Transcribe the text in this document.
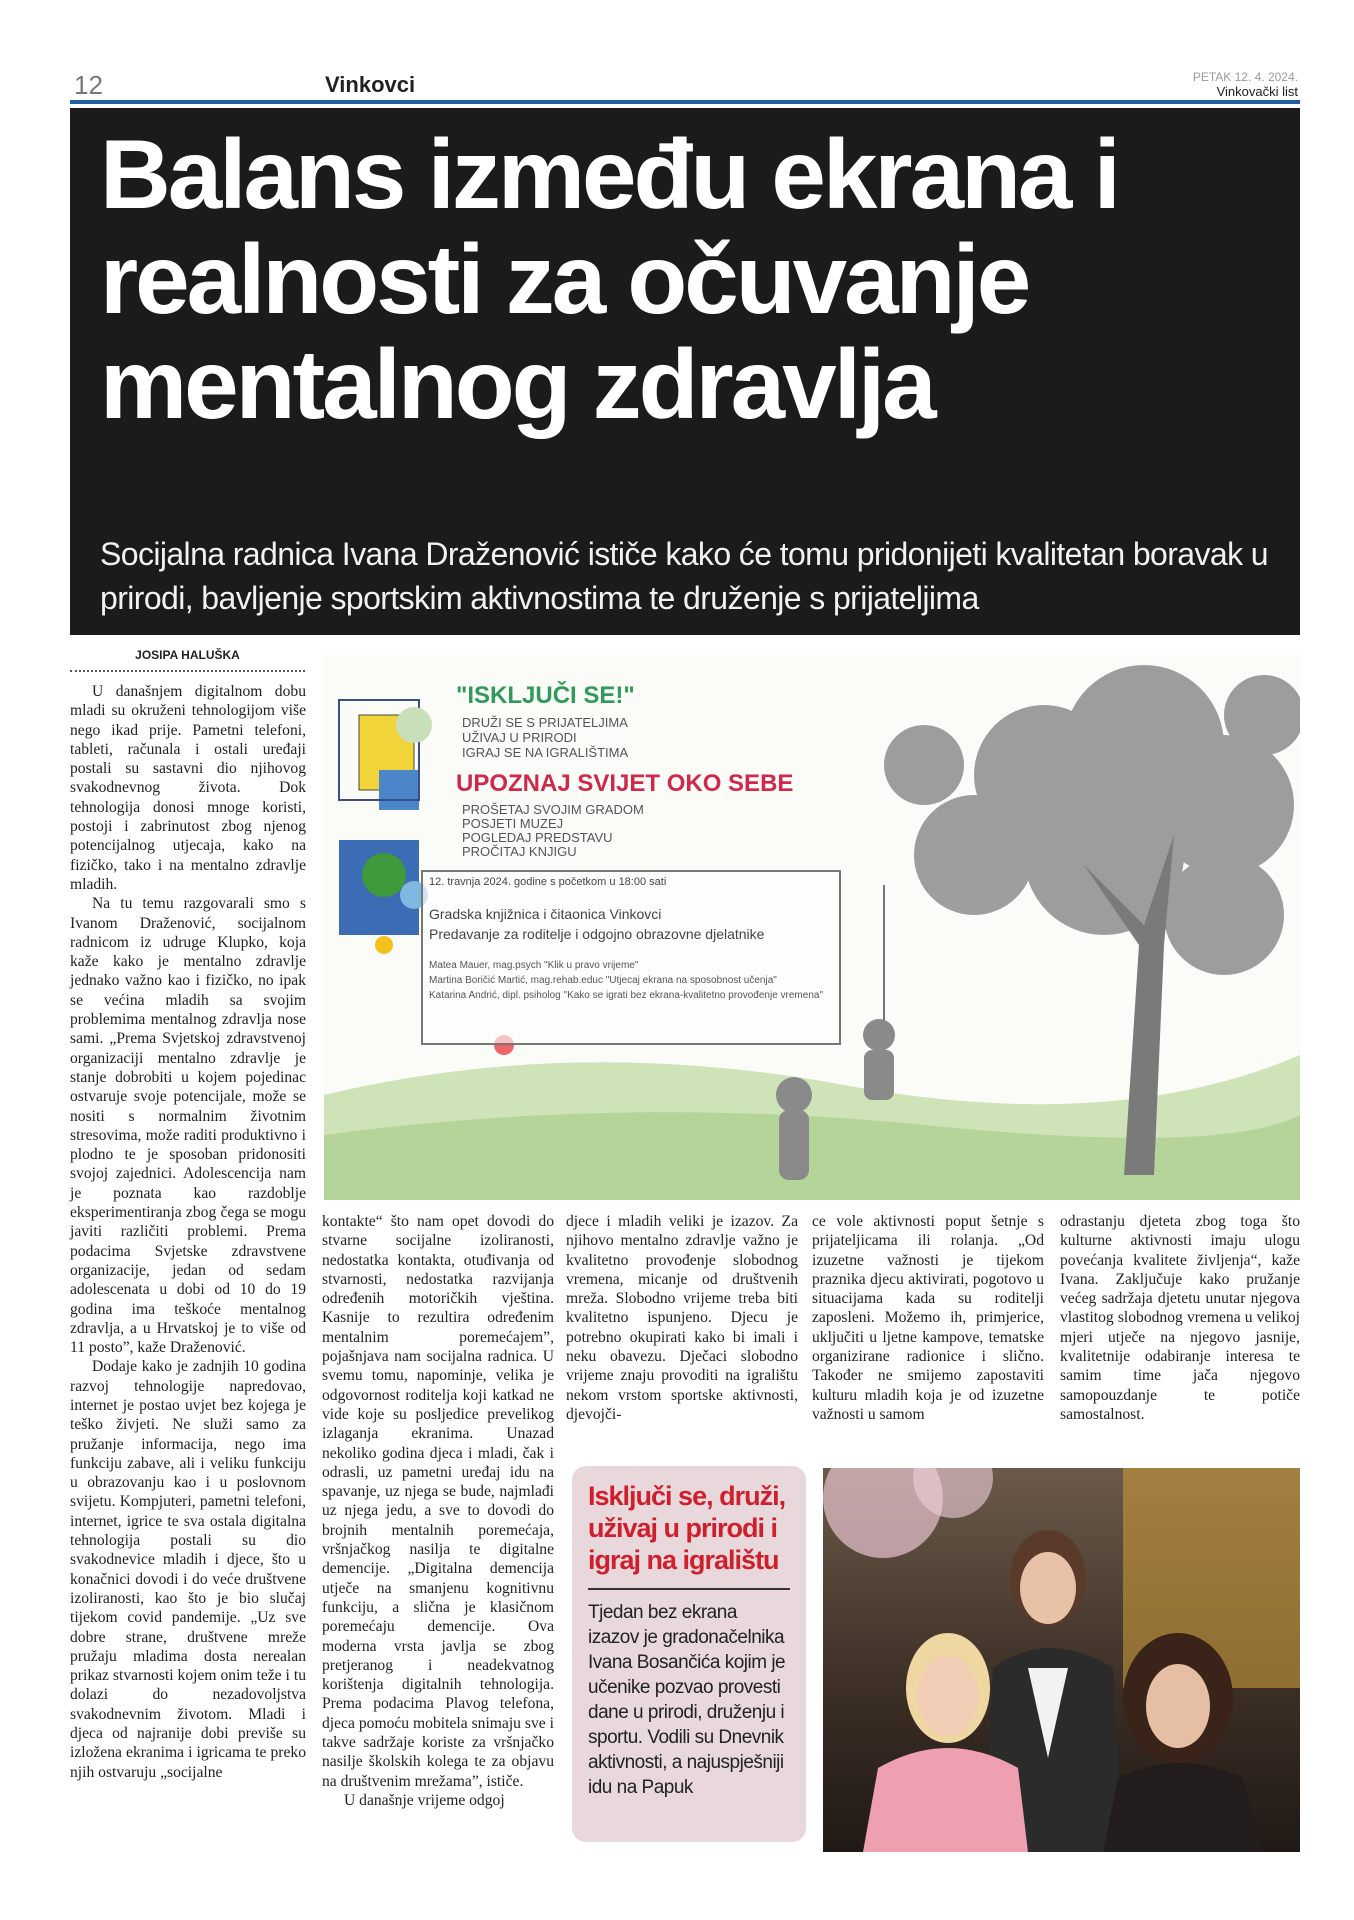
12	Vinkovci	PETAK 12. 4. 2024.
Vinkovački list
Balans između ekrana i realnosti za očuvanje mentalnog zdravlja
Socijalna radnica Ivana Draženović ističe kako će tomu pridonijeti kvalitetan boravak u prirodi, bavljenje sportskim aktivnostima te druženje s prijateljima
JOSIPA HALUŠKA

U današnjem digitalnom dobu mladi su okruženi tehnologijom više nego ikad prije. Pametni telefoni, tableti, računala i ostali uređaji postali su sastavni dio njihovog svakodnevnog života. Dok tehnologija donosi mnoge koristi, postoji i zabrinutost zbog njenog potencijalnog utjecaja, kako na fizičko, tako i na mentalno zdravlje mladih.

Na tu temu razgovarali smo s Ivanom Draženović, socijalnom radnicom iz udruge Klupko, koja kaže kako je mentalno zdravlje jednako važno kao i fizičko, no ipak se većina mladih sa svojim problemima mentalnog zdravlja nose sami. „Prema Svjetskoj zdravstvenoj organizaciji mentalno zdravlje je stanje dobrobiti u kojem pojedinac ostvaruje svoje potencijale, može se nositi s normalnim životnim stresovima, može raditi produktivno i plodno te je sposoban pridonositi svojoj zajednici. Adolescencija nam je poznata kao razdoblje eksperimentiranja zbog čega se mogu javiti različiti problemi. Prema podacima Svjetske zdravstvene organizacije, jedan od sedam adolescenata u dobi od 10 do 19 godina ima teškoće mentalnog zdravlja, a u Hrvatskoj je to više od 11 posto”, kaže Draženović.

Dodaje kako je zadnjih 10 godina razvoj tehnologije napredovao, internet je postao uvjet bez kojega je teško živjeti. Ne služi samo za pružanje informacija, nego ima funkciju zabave, ali i veliku funkciju u obrazovanju kao i u poslovnom svijetu. Kompjuteri, pametni telefoni, internet, igrice te sva ostala digitalna tehnologija postali su dio svakodnevice mladih i djece, što u konačnici dovodi i do veće društvene izoliranosti, kao što je bio slučaj tijekom covid pandemije. „Uz sve dobre strane, društvene mreže pružaju mladima dosta nerealan prikaz stvarnosti kojem onim teže i tu dolazi do nezadovoljstva svakodnevnim životom. Mladi i djeca od najranije dobi previše su izložena ekranima i igricama te preko njih ostvaruju „socijalne

"ISKLJUČI SE!"
DRUŽI SE S PRIJATELJIMA
UŽIVAJ U PRIRODI
IGRAJ SE NA IGRALIŠTIMA
UPOZNAJ SVIJET OKO SEBE
PROŠETAJ SVOJIM GRADOM
POSJETI MUZEJ
POGLEDAJ PREDSTAVU
PROČITAJ KNJIGU
12. travnja 2024. godine s početkom u 18:00 sati
Gradska knjižnica i čitaonica Vinkovci
Predavanje za roditelje i odgojno obrazovne djelatnike
Matea Mauer, mag.psych "Klik u pravo vrijeme"
Martina Boričić Martić, mag.rehab.educ "Utjecaj ekrana na sposobnost učenja"
Katarina Andrić, dipl. psiholog "Kako se igrati bez ekrana-kvalitetno provođenje vremena"

kontakte“ što nam opet dovodi do stvarne socijalne izoliranosti, nedostatka kontakta, otuđivanja od stvarnosti, nedostatka razvijanja određenih motoričkih vještina. Kasnije to rezultira određenim mentalnim poremećajem”, pojašnjava nam socijalna radnica. U svemu tomu, napominje, velika je odgovornost roditelja koji katkad ne vide koje su posljedice prevelikog izlaganja ekranima. Unazad nekoliko godina djeca i mladi, čak i odrasli, uz pametni uređaj idu na spavanje, uz njega se bude, najmlađi uz njega jedu, a sve to dovodi do brojnih mentalnih poremećaja, vršnjačkog nasilja te digitalne demencije. „Digitalna demencija utječe na smanjenu kognitivnu funkciju, a slična je klasičnom poremećaju demencije. Ova moderna vrsta javlja se zbog pretjeranog i neadekvatnog korištenja digitalnih tehnologija. Prema podacima Plavog telefona, djeca pomoću mobitela snimaju sve i takve sadržaje koriste za vršnjačko nasilje školskih kolega te za objavu na društvenim mrežama”, ističe.

U današnje vrijeme odgoj

djece i mladih veliki je izazov. Za njihovo mentalno zdravlje važno je kvalitetno provođenje slobodnog vremena, micanje od društvenih mreža. Slobodno vrijeme treba biti kvalitetno ispunjeno. Djecu je potrebno okupirati kako bi imali i neku obavezu. Dječaci slobodno vrijeme znaju provoditi na igralištu nekom vrstom sportske aktivnosti, djevojči-

ce vole aktivnosti poput šetnje s prijateljicama ili rolanja. „Od izuzetne važnosti je tijekom praznika djecu aktivirati, pogotovo u situacijama kada su roditelji zaposleni. Možemo ih, primjerice, uključiti u ljetne kampove, tematske organizirane radionice i slično. Također ne smijemo zapostaviti kulturu mladih koja je od izuzetne važnosti u samom

odrastanju djeteta zbog toga što kulturne aktivnosti imaju ulogu povećanja kvalitete življenja“, kaže Ivana. Zaključuje kako pružanje većeg sadržaja djetetu unutar njegova vlastitog slobodnog vremena u velikoj mjeri utječe na njegovo jasnije, kvalitetnije odabiranje interesa te samim time jača njegovo samopouzdanje te potiče samostalnost.

Isključi se, druži, uživaj u prirodi i igraj na igralištu
Tjedan bez ekrana izazov je gradonačelnika Ivana Bosančića kojim je učenike pozvao provesti dane u prirodi, druženju i sportu. Vodili su Dnevnik aktivnosti, a najuspješniji idu na Papuk
